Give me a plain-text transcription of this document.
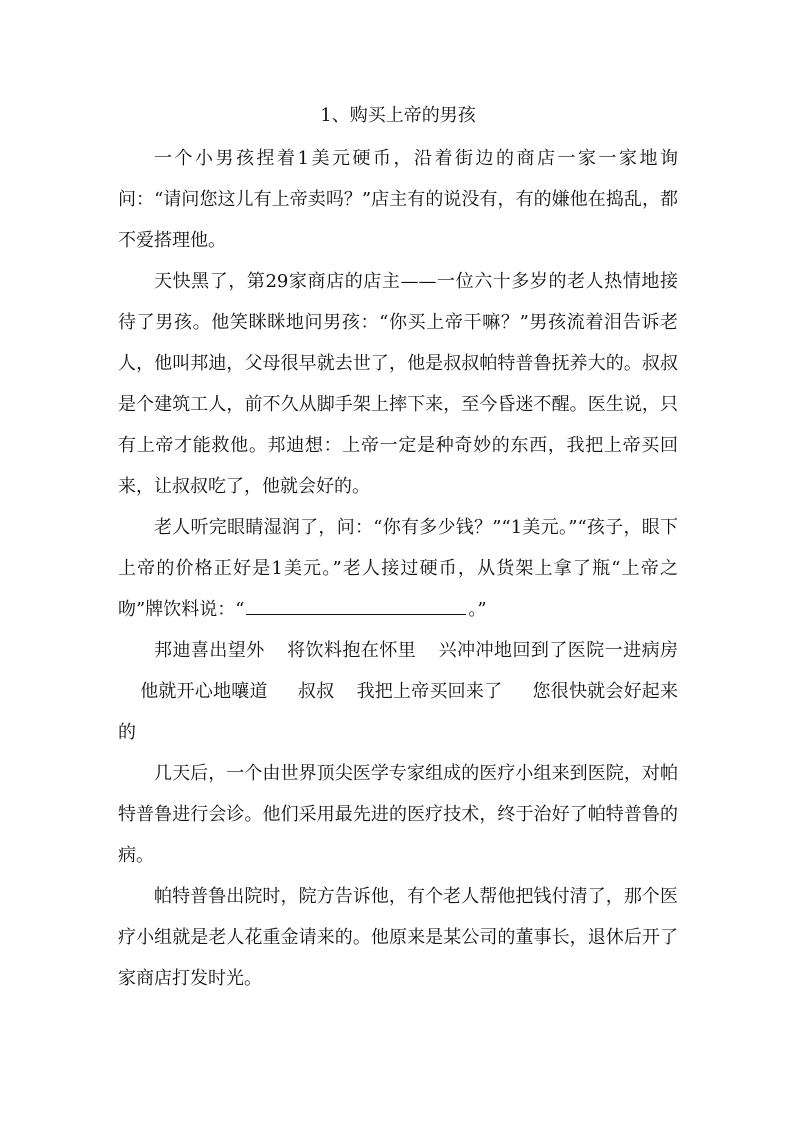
1、购买上帝的男孩

一个小男孩捏着1美元硬币，沿着街边的商店一家一家地询问：“请问您这儿有上帝卖吗？”店主有的说没有，有的嫌他在捣乱，都不爱搭理他。

天快黑了，第29家商店的店主——一位六十多岁的老人热情地接待了男孩。他笑眯眯地问男孩：“你买上帝干嘛？”男孩流着泪告诉老人，他叫邦迪，父母很早就去世了，他是叔叔帕特普鲁抚养大的。叔叔是个建筑工人，前不久从脚手架上摔下来，至今昏迷不醒。医生说，只有上帝才能救他。邦迪想：上帝一定是种奇妙的东西，我把上帝买回来，让叔叔吃了，他就会好的。

老人听完眼睛湿润了，问：“你有多少钱？”“1美元。”“孩子，眼下上帝的价格正好是1美元。”老人接过硬币，从货架上拿了瓶“上帝之吻”牌饮料说：“	。”

邦迪喜出望外 将饮料抱在怀里 兴冲冲地回到了医院一进病房他就开心地嚷道 叔叔 我把上帝买回来了 您很快就会好起来的

几天后，一个由世界顶尖医学专家组成的医疗小组来到医院，对帕特普鲁进行会诊。他们采用最先进的医疗技术，终于治好了帕特普鲁的病。

帕特普鲁出院时，院方告诉他，有个老人帮他把钱付清了，那个医疗小组就是老人花重金请来的。他原来是某公司的董事长，退休后开了家商店打发时光。
